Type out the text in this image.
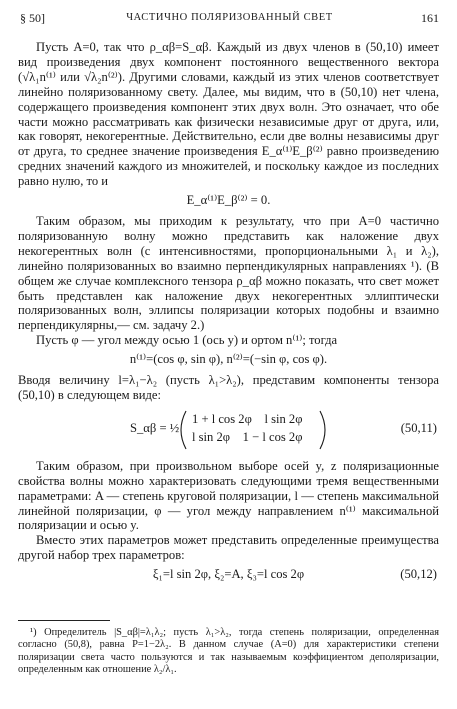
§ 50]	ЧАСТИЧНО ПОЛЯРИЗОВАННЫЙ СВЕТ	161

Пусть A=0, так что ρ_αβ=S_αβ. Каждый из двух членов в (50,10) имеет вид произведения двух компонент постоянного вещественного вектора (√λ₁n⁽¹⁾ или √λ₂n⁽²⁾). Другими словами, каждый из этих членов соответствует линейно поляризованному свету. Далее, мы видим, что в (50,10) нет члена, содержащего произведения компонент этих двух волн. Это означает, что обе части можно рассматривать как физически независимые друг от друга, или, как говорят, некогерентные. Действительно, если две волны независимы друг от друга, то среднее значение произведения E_α⁽¹⁾E_β⁽²⁾ равно произведению средних значений каждого из множителей, и поскольку каждое из последних равно нулю, то и

E_α⁽¹⁾E_β⁽²⁾ = 0.

Таким образом, мы приходим к результату, что при A=0 частично поляризованную волну можно представить как наложение двух некогерентных волн (с интенсивностями, пропорциональными λ₁ и λ₂), линейно поляризованных во взаимно перпендикулярных направлениях ¹). (В общем же случае комплексного тензора ρ_αβ можно показать, что свет может быть представлен как наложение двух некогерентных эллиптически поляризованных волн, эллипсы поляризации которых подобны и взаимно перпендикулярны,— см. задачу 2.)

Пусть φ — угол между осью 1 (ось y) и ортом n⁽¹⁾; тогда

n⁽¹⁾=(cos φ, sin φ), n⁽²⁾=(−sin φ, cos φ).

Вводя величину l=λ₁−λ₂ (пусть λ₁>λ₂), представим компоненты тензора (50,10) в следующем виде:

S_αβ = ½
1 + l cos 2φ    l sin 2φ
l sin 2φ    1 − l cos 2φ
(50,11)

Таким образом, при произвольном выборе осей y, z поляризационные свойства волны можно характеризовать следующими тремя вещественными параметрами: A — степень круговой поляризации, l — степень максимальной линейной поляризации, φ — угол между направлением n⁽¹⁾ максимальной поляризации и осью y.

Вместо этих параметров может представить определенные преимущества другой набор трех параметров:

ξ₁=l sin 2φ, ξ₂=A, ξ₃=l cos 2φ	(50,12)

¹) Определитель |S_αβ|=λ₁λ₂; пусть λ₁>λ₂, тогда степень поляризации, определенная согласно (50,8), равна P=1−2λ₂. В данном случае (A=0) для характеристики степени поляризации света часто пользуются и так называемым коэффициентом деполяризации, определенным как отношение λ₂/λ₁.
